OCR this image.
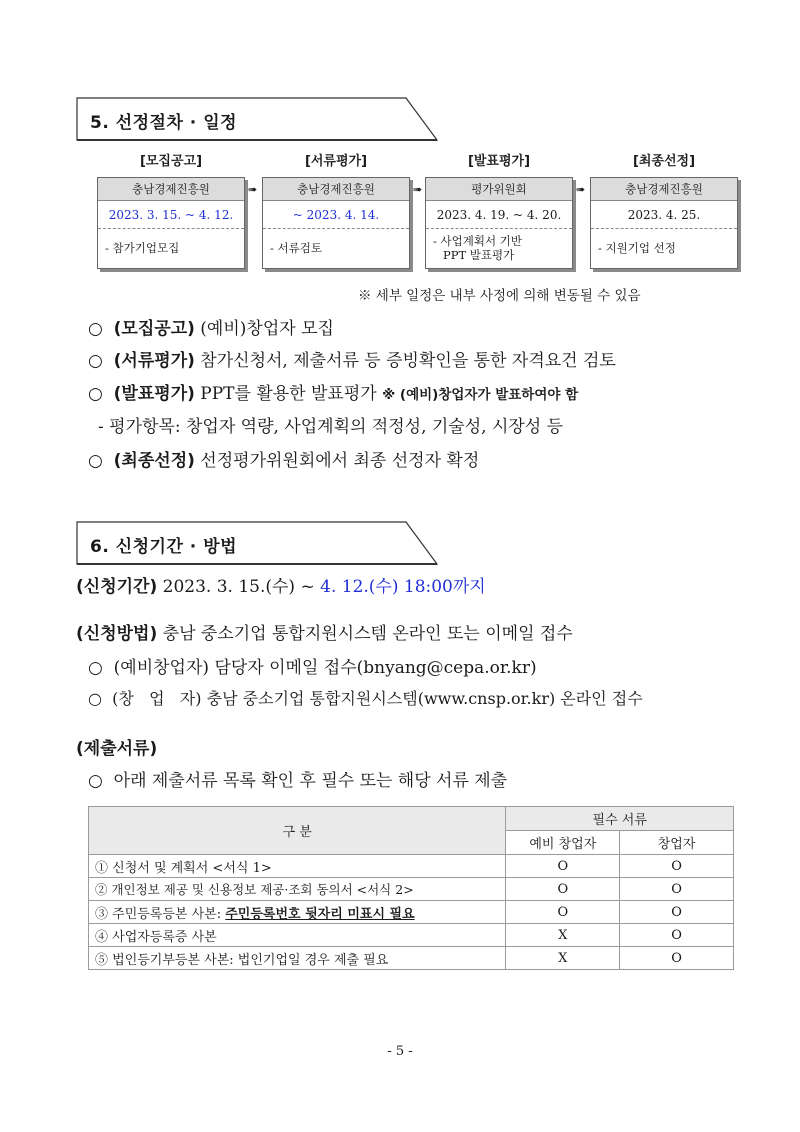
5. 선정절차 · 일정
[모집공고]
충남경제진흥원
2023. 3. 15. ~ 4. 12.
- 참가기업모집
➠
[서류평가]
충남경제진흥원
~ 2023. 4. 14.
- 서류검토
➠
[발표평가]
평가위원회
2023. 4. 19. ~ 4. 20.
- 사업계획서 기반
PPT 발표평가
➠
[최종선정]
충남경제진흥원
2023. 4. 25.
- 지원기업 선정
※ 세부 일정은 내부 사정에 의해 변동될 수 있음
○ (모집공고) (예비)창업자 모집
○ (서류평가) 참가신청서, 제출서류 등 증빙확인을 통한 자격요건 검토
○ (발표평가) PPT를 활용한 발표평가 ※ (예비)창업자가 발표하여야 함
- 평가항목: 창업자 역량, 사업계획의 적정성, 기술성, 시장성 등
○ (최종선정) 선정평가위원회에서 최종 선정자 확정
6. 신청기간 · 방법
(신청기간) 2023. 3. 15.(수) ~ 4. 12.(수) 18:00까지
(신청방법) 충남 중소기업 통합지원시스템 온라인 또는 이메일 접수
○ (예비창업자) 담당자 이메일 접수(bnyang@cepa.or.kr)
○ (창   업   자) 충남 중소기업 통합지원시스템(www.cnsp.or.kr) 온라인 접수
(제출서류)
○ 아래 제출서류 목록 확인 후 필수 또는 해당 서류 제출
구 분	필수 서류	
	예비 창업자	창업자
① 신청서 및 계획서 <서식 1>	O	O
② 개인정보 제공 및 신용정보 제공·조회 동의서 <서식 2>	O	O
③ 주민등록등본 사본: 주민등록번호 뒷자리 미표시 필요	O	O
④ 사업자등록증 사본	X	O
⑤ 법인등기부등본 사본: 법인기업일 경우 제출 필요	X	O
- 5 -
